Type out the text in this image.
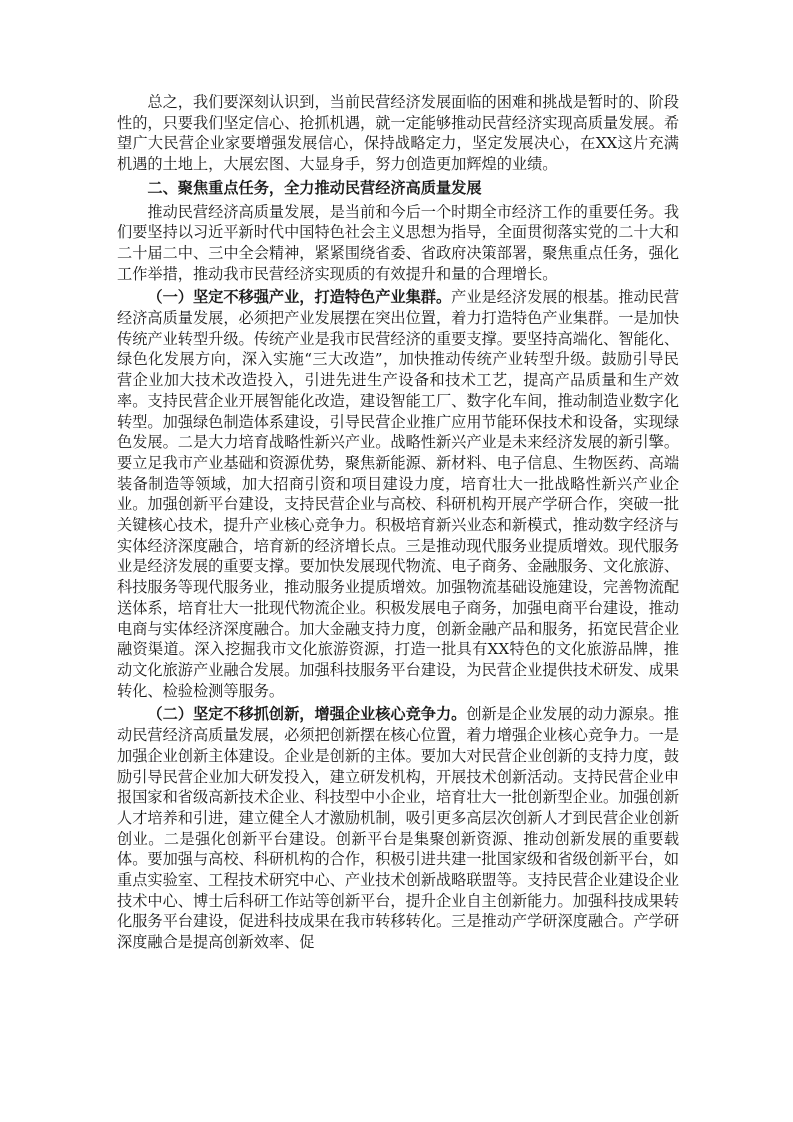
总之，我们要深刻认识到，当前民营经济发展面临的困难和挑战是暂时的、阶段性的，只要我们坚定信心、抢抓机遇，就一定能够推动民营经济实现高质量发展。希望广大民营企业家要增强发展信心，保持战略定力，坚定发展决心，在XX这片充满机遇的土地上，大展宏图、大显身手，努力创造更加辉煌的业绩。

二、聚焦重点任务，全力推动民营经济高质量发展

推动民营经济高质量发展，是当前和今后一个时期全市经济工作的重要任务。我们要坚持以习近平新时代中国特色社会主义思想为指导，全面贯彻落实党的二十大和二十届二中、三中全会精神，紧紧围绕省委、省政府决策部署，聚焦重点任务，强化工作举措，推动我市民营经济实现质的有效提升和量的合理增长。

（一）坚定不移强产业，打造特色产业集群。产业是经济发展的根基。推动民营经济高质量发展，必须把产业发展摆在突出位置，着力打造特色产业集群。一是加快传统产业转型升级。传统产业是我市民营经济的重要支撑。要坚持高端化、智能化、绿色化发展方向，深入实施“三大改造”，加快推动传统产业转型升级。鼓励引导民营企业加大技术改造投入，引进先进生产设备和技术工艺，提高产品质量和生产效率。支持民营企业开展智能化改造，建设智能工厂、数字化车间，推动制造业数字化转型。加强绿色制造体系建设，引导民营企业推广应用节能环保技术和设备，实现绿色发展。二是大力培育战略性新兴产业。战略性新兴产业是未来经济发展的新引擎。要立足我市产业基础和资源优势，聚焦新能源、新材料、电子信息、生物医药、高端装备制造等领域，加大招商引资和项目建设力度，培育壮大一批战略性新兴产业企业。加强创新平台建设，支持民营企业与高校、科研机构开展产学研合作，突破一批关键核心技术，提升产业核心竞争力。积极培育新兴业态和新模式，推动数字经济与实体经济深度融合，培育新的经济增长点。三是推动现代服务业提质增效。现代服务业是经济发展的重要支撑。要加快发展现代物流、电子商务、金融服务、文化旅游、科技服务等现代服务业，推动服务业提质增效。加强物流基础设施建设，完善物流配送体系，培育壮大一批现代物流企业。积极发展电子商务，加强电商平台建设，推动电商与实体经济深度融合。加大金融支持力度，创新金融产品和服务，拓宽民营企业融资渠道。深入挖掘我市文化旅游资源，打造一批具有XX特色的文化旅游品牌，推动文化旅游产业融合发展。加强科技服务平台建设，为民营企业提供技术研发、成果转化、检验检测等服务。

（二）坚定不移抓创新，增强企业核心竞争力。创新是企业发展的动力源泉。推动民营经济高质量发展，必须把创新摆在核心位置，着力增强企业核心竞争力。一是加强企业创新主体建设。企业是创新的主体。要加大对民营企业创新的支持力度，鼓励引导民营企业加大研发投入，建立研发机构，开展技术创新活动。支持民营企业申报国家和省级高新技术企业、科技型中小企业，培育壮大一批创新型企业。加强创新人才培养和引进，建立健全人才激励机制，吸引更多高层次创新人才到民营企业创新创业。二是强化创新平台建设。创新平台是集聚创新资源、推动创新发展的重要载体。要加强与高校、科研机构的合作，积极引进共建一批国家级和省级创新平台，如重点实验室、工程技术研究中心、产业技术创新战略联盟等。支持民营企业建设企业技术中心、博士后科研工作站等创新平台，提升企业自主创新能力。加强科技成果转化服务平台建设，促进科技成果在我市转移转化。三是推动产学研深度融合。产学研深度融合是提高创新效率、促
